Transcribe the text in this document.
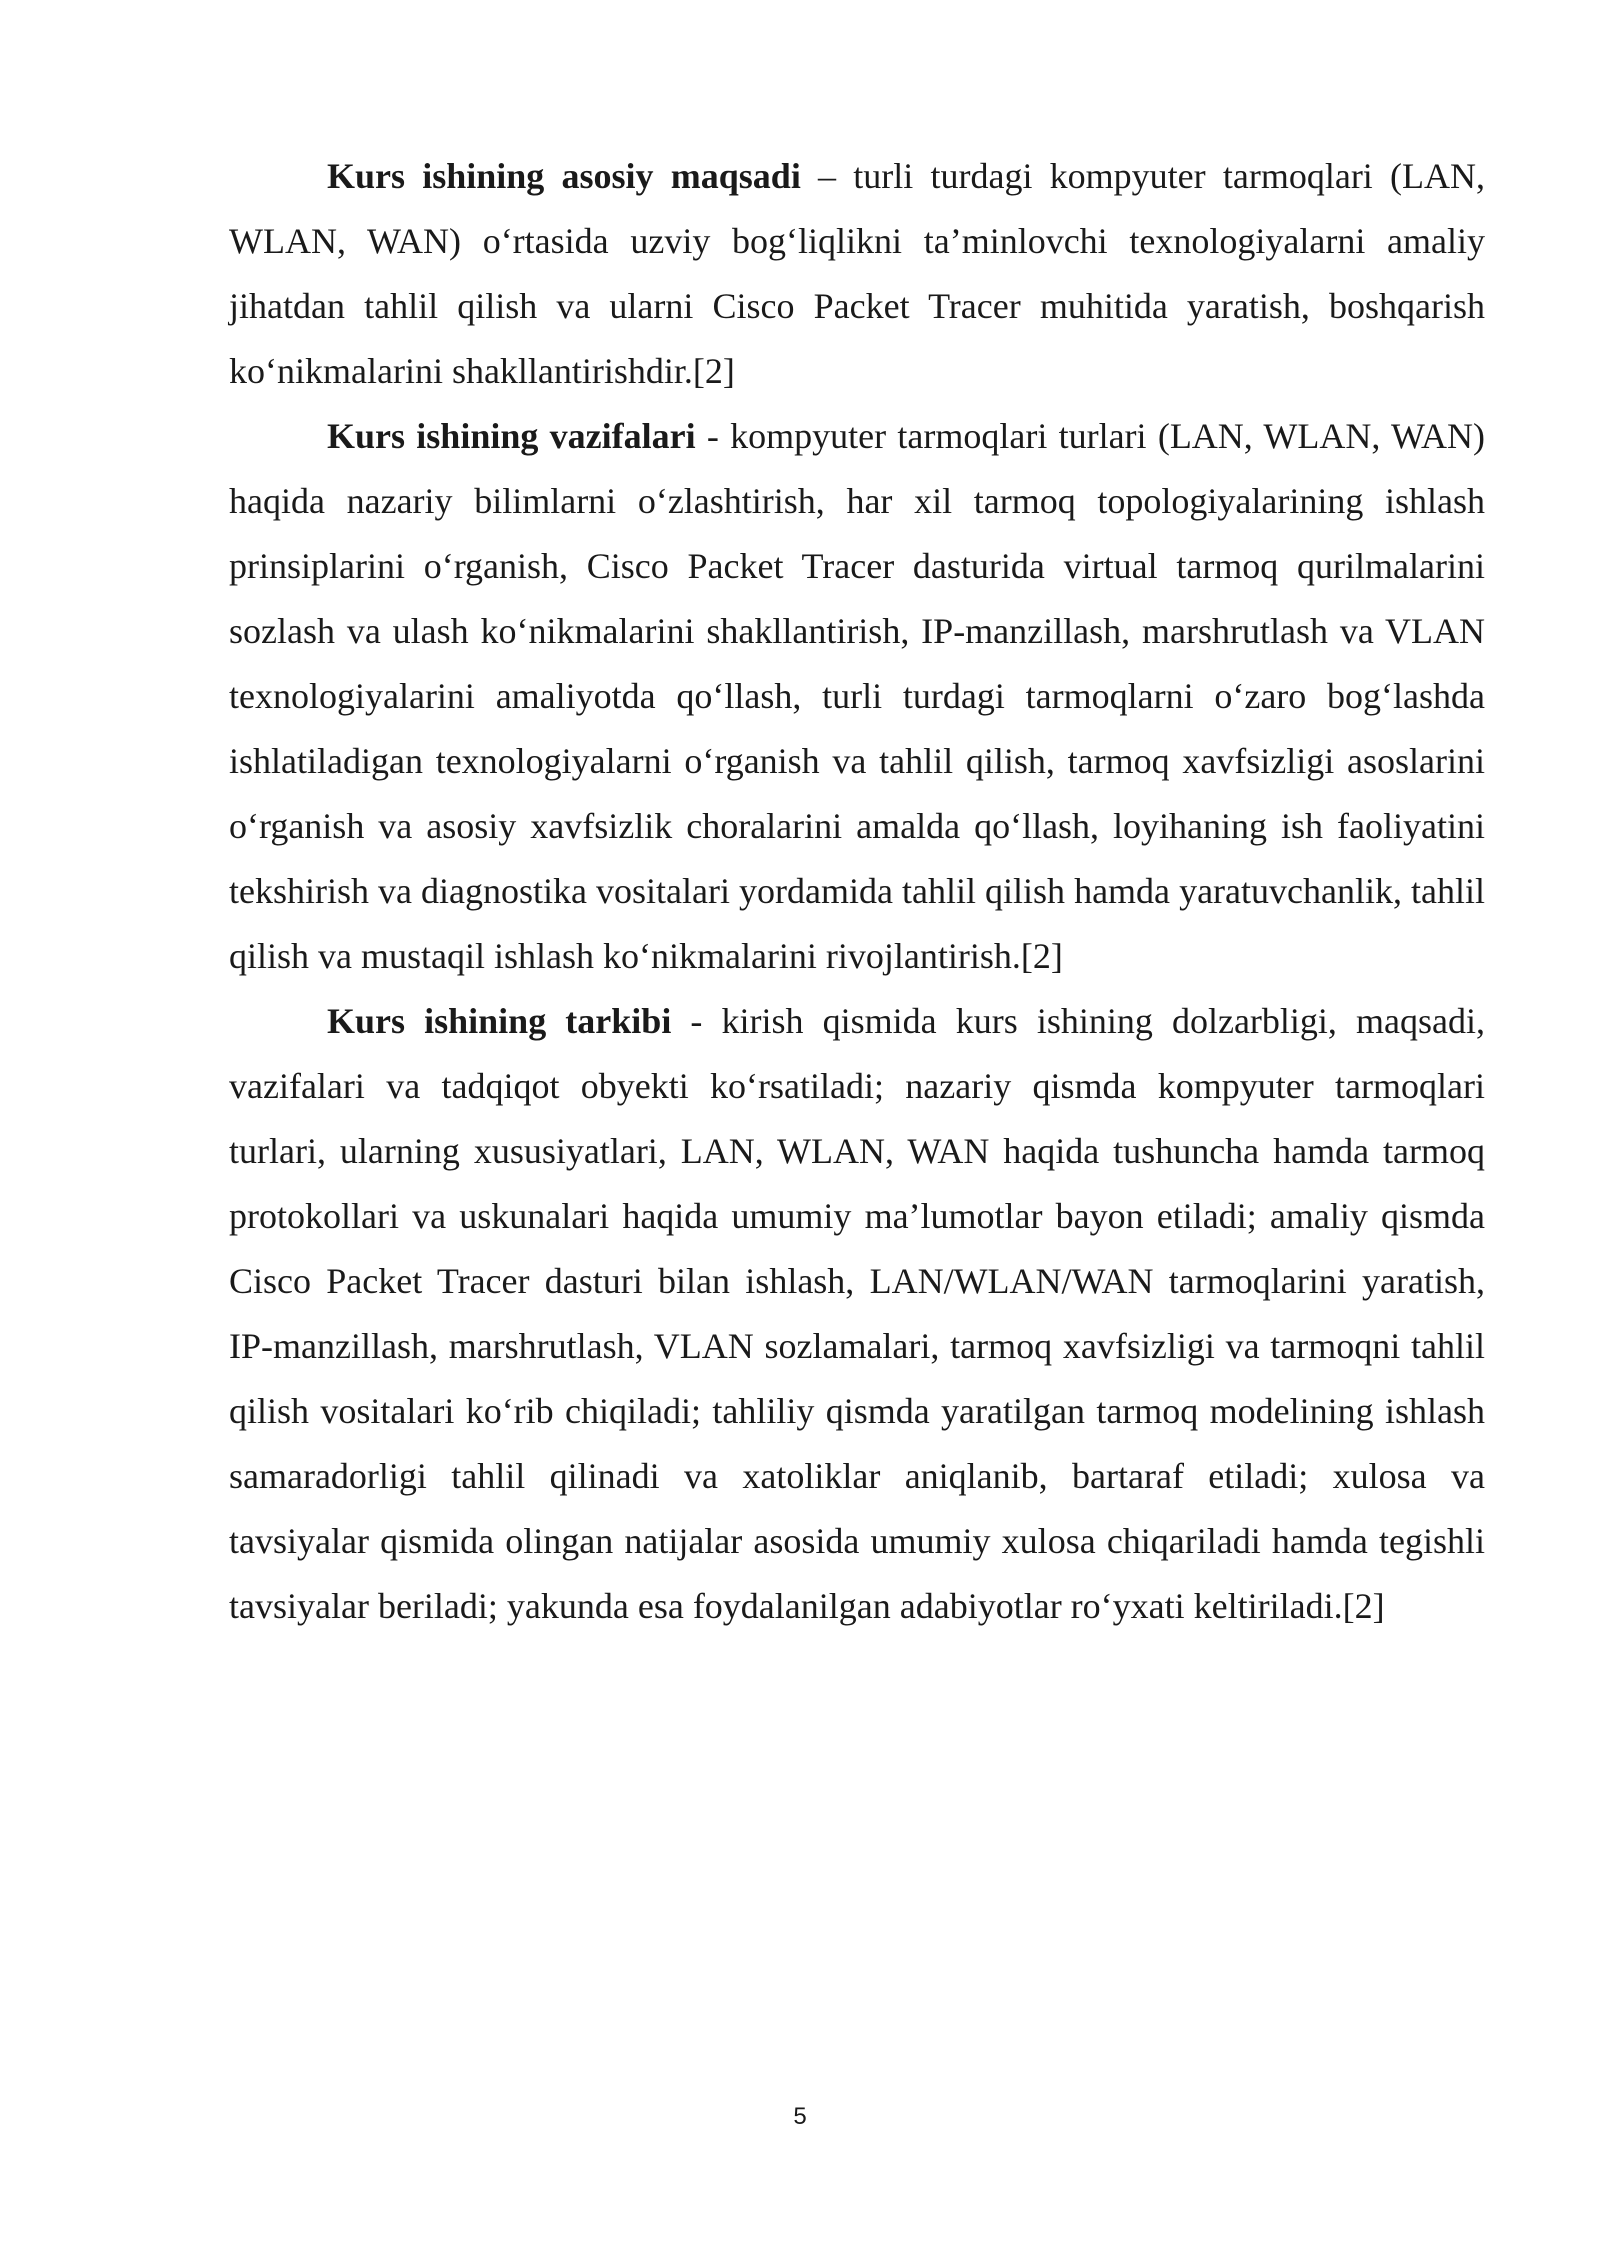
Kurs ishining asosiy maqsadi – turli turdagi kompyuter tarmoqlari (LAN, WLAN, WAN) o‘rtasida uzviy bog‘liqlikni ta’minlovchi texnologiyalarni amaliy jihatdan tahlil qilish va ularni Cisco Packet Tracer muhitida yaratish, boshqarish ko‘nikmalarini shakllantirishdir.[2]

Kurs ishining vazifalari - kompyuter tarmoqlari turlari (LAN, WLAN, WAN) haqida nazariy bilimlarni o‘zlashtirish, har xil tarmoq topologiyalarining ishlash prinsiplarini o‘rganish, Cisco Packet Tracer dasturida virtual tarmoq qurilmalarini sozlash va ulash ko‘nikmalarini shakllantirish, IP-manzillash, marshrutlash va VLAN texnologiyalarini amaliyotda qo‘llash, turli turdagi tarmoqlarni o‘zaro bog‘lashda ishlatiladigan texnologiyalarni o‘rganish va tahlil qilish, tarmoq xavfsizligi asoslarini o‘rganish va asosiy xavfsizlik choralarini amalda qo‘llash, loyihaning ish faoliyatini tekshirish va diagnostika vositalari yordamida tahlil qilish hamda yaratuvchanlik, tahlil qilish va mustaqil ishlash ko‘nikmalarini rivojlantirish.[2]

Kurs ishining tarkibi - kirish qismida kurs ishining dolzarbligi, maqsadi, vazifalari va tadqiqot obyekti ko‘rsatiladi; nazariy qismda kompyuter tarmoqlari turlari, ularning xususiyatlari, LAN, WLAN, WAN haqida tushuncha hamda tarmoq protokollari va uskunalari haqida umumiy ma’lumotlar bayon etiladi; amaliy qismda Cisco Packet Tracer dasturi bilan ishlash, LAN/WLAN/WAN tarmoqlarini yaratish, IP-manzillash, marshrutlash, VLAN sozlamalari, tarmoq xavfsizligi va tarmoqni tahlil qilish vositalari ko‘rib chiqiladi; tahliliy qismda yaratilgan tarmoq modelining ishlash samaradorligi tahlil qilinadi va xatoliklar aniqlanib, bartaraf etiladi; xulosa va tavsiyalar qismida olingan natijalar asosida umumiy xulosa chiqariladi hamda tegishli tavsiyalar beriladi; yakunda esa foydalanilgan adabiyotlar ro‘yxati keltiriladi.[2]

5
